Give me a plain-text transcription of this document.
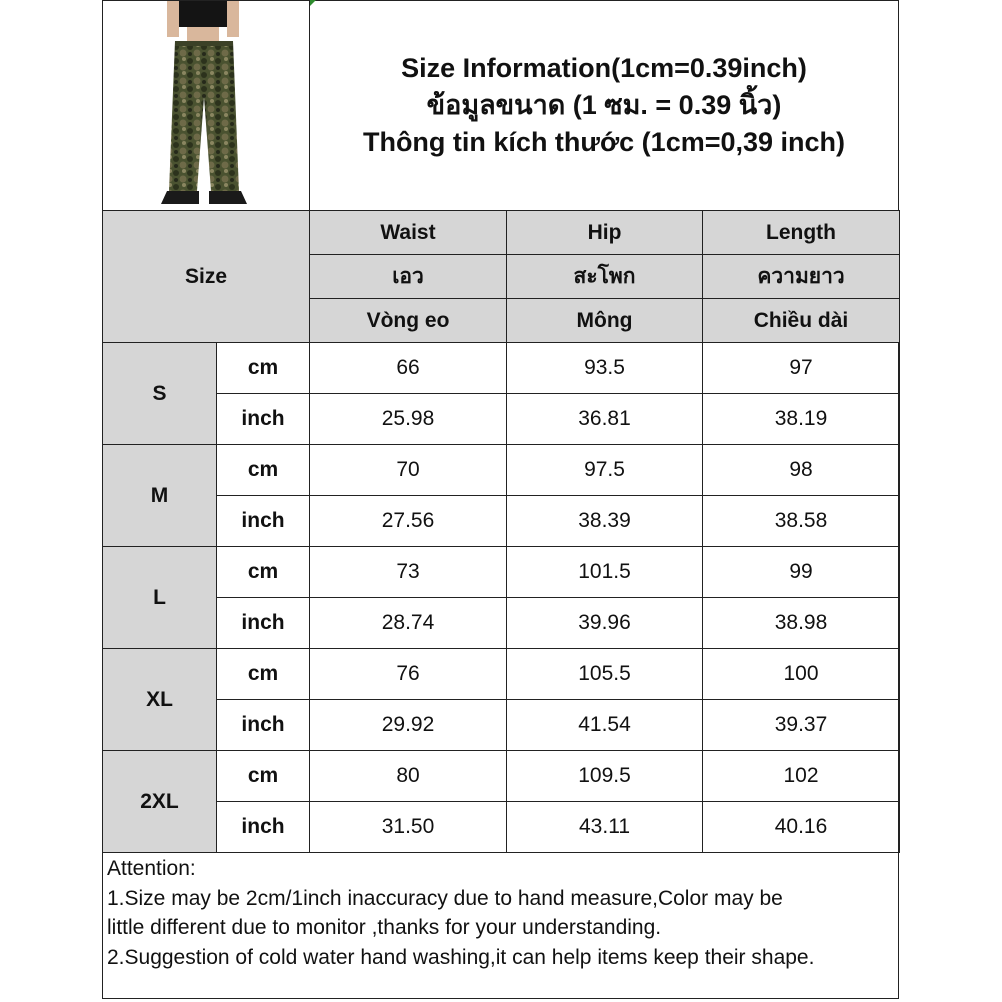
Size Information(1cm=0.39inch)
ข้อมูลขนาด (1 ซม. = 0.39 นิ้ว)
Thông tin kích thước (1cm=0,39 inch)
Size		Waist	Hip	Length
		เอว	สะโพก	ความยาว
		Vòng eo	Mông	Chiều dài
S	cm	66	93.5	97
	inch	25.98	36.81	38.19
M	cm	70	97.5	98
	inch	27.56	38.39	38.58
L	cm	73	101.5	99
	inch	28.74	39.96	38.98
XL	cm	76	105.5	100
	inch	29.92	41.54	39.37
2XL	cm	80	109.5	102
	inch	31.50	43.11	40.16
Attention:
1.Size may be 2cm/1inch inaccuracy due to hand measure,Color may be
little different due to monitor ,thanks for your understanding.
2.Suggestion of cold water hand washing,it can help items keep their shape.
